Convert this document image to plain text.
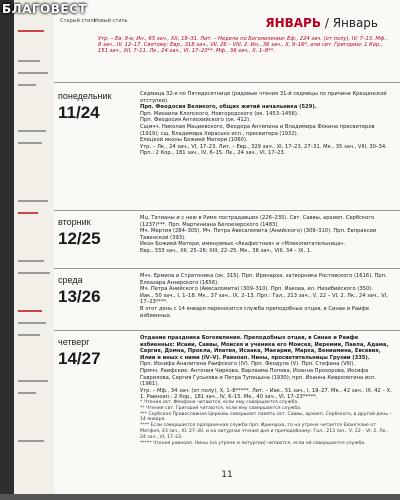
Старый стиль
Новый стиль	ЯНВАРЬ / Январь
Утр. – Ев. 9-е, Ин., 65 зач., XX, 19–31. Лит. – Неделе по Богоявлении: Еф., 224 зач. (от полу), IV, 7–13. Мф., 8 зач., IV, 12–17. Святому: Евр., 318 зач., VII, 26 – VIII, 2. Ин., 36 зач., X, 9–16*, или свт. Григорию: 1 Кор., 151 зач., XII, 7–11. Лк., 24 зач., VI, 17–23**. Мф., 36 зач., X, 1–8**.
понедельник
11/24

Седмица 32-я по Пятидесятнице (рядовые чтения 31-й седмицы по причине Крещенской отступки).

Прп. Феодосия Великого, общих житий начальника (529).

Прп. Михаила Клопского, Новгородского (ок. 1453–1456).

Прп. Феодосия Антиохийского (ок. 412).

Сщмчч. Николая Мациевского, Феодора Антипина и Владимира Фокина пресвитеров (1919); сщ. Владимира Хирасько исп., пресвитера (1932).

Елецкой иконы Божией Матери (1060).

Утр. – Лк., 24 зач., VI, 17–23. Лит. – Евр., 329 зач., XI, 17–23, 27–31. Мк., 35 зач., VIII, 30–34. Прп.: 2 Кор., 181 зач., IV, 6–15. Лк., 24 зач., VI, 17–23.

вторник
12/25

Мц. Татианы и с нею в Риме пострадавших (226–235). Свт. Саввы, архиеп. Сербского (1237)***. Прп. Мартиниана Белоезерского (1483).

Мч. Мертия (284–305). Мч. Петра Авесаломита (Анийского) (309–310). Прп. Евпраксии Тавенской (393).

Икон Божией Матери, именуемых «Акафистная» и «Млекопитательница».

Евр., 333 зач., XII, 25–26; XIII, 22–25. Мк., 36 зач., VIII, 34 – IX, 1.

среда
13/26

Мчч. Ермила и Стратоника (ок. 315). Прп. Иринарха, затворника Ростовского (1616). Прп. Елеазара Анзерского (1656).

Мч. Петра Анийского (Авесаломита) (309–310). Прп. Иакова, ел. Низибийского (350).

Иак., 50 зач., I, 1–18. Мк., 37 зач., IX, 2–13. Прп.: Гал., 213 зач., V, 22 – VI, 2. Лк., 24 зач., VI, 17–23****.

В этот день с 14 января переносится служба преподобных отцев, в Синае и Раифе избиенных.

четверг
14/27

Отдание праздника Богоявления. Преподобных отцев, в Синае и Раифе избиенных: Исаии, Саввы, Моисея и ученика его Моисея, Иеремии, Павла, Адама, Сергия, Домна, Прокла, Ипатия, Исаака, Макарии, Марка, Вениамина, Евсевия, Илии и иных с ними (IV–V). Равноап. Нины, просветительницы Грузии (335).

Прп. Иосифа Аналитина Раифского (IV). Прп. Феодула (V). Прп. Стефана (VIII).

Прмчч. Раифских: Антония Чиркова, Варлаама Попова, Иоанна Прохорова, Иосифа Гаврилова, Сергия Гуськова и Петра Тупицына (1930); прп. Иоанна Кевролетина исп. (1961).

Утр. – Мф., 34 зач. (от полу), X, 1–8*****. Лит. – Иак., 51 зач., I, 19–27. Мк., 42 зач., IX, 42 – X, 1. Равноап.: 2 Кор., 181 зач., IV, 6–15. Мк., 40 зач., VI, 17–23*****.

* Чтения свт. Феофана читаются, если ему совершается служба.

** Чтения свт. Григория читаются, если ему совершается служба.

*** Сербская Православная Церковь совершает память свт. Саввы, архиеп. Сербского, в другой день – 14 января.

**** Если совершается праздничная служба прп. Иринарха, то на утрене читается Евангелие от Матфея, 43 зач., XI, 27–30, и на литургии чтения дня и преподобному: Гал., 213 зач., V, 22 – VI, 2. Лк., 24 зач., VI, 17–23.

***** Чтения равноап. Нины (на утрене и литургии) читаются, если ей совершается служба.

11
БЛАГОВЕСТ
